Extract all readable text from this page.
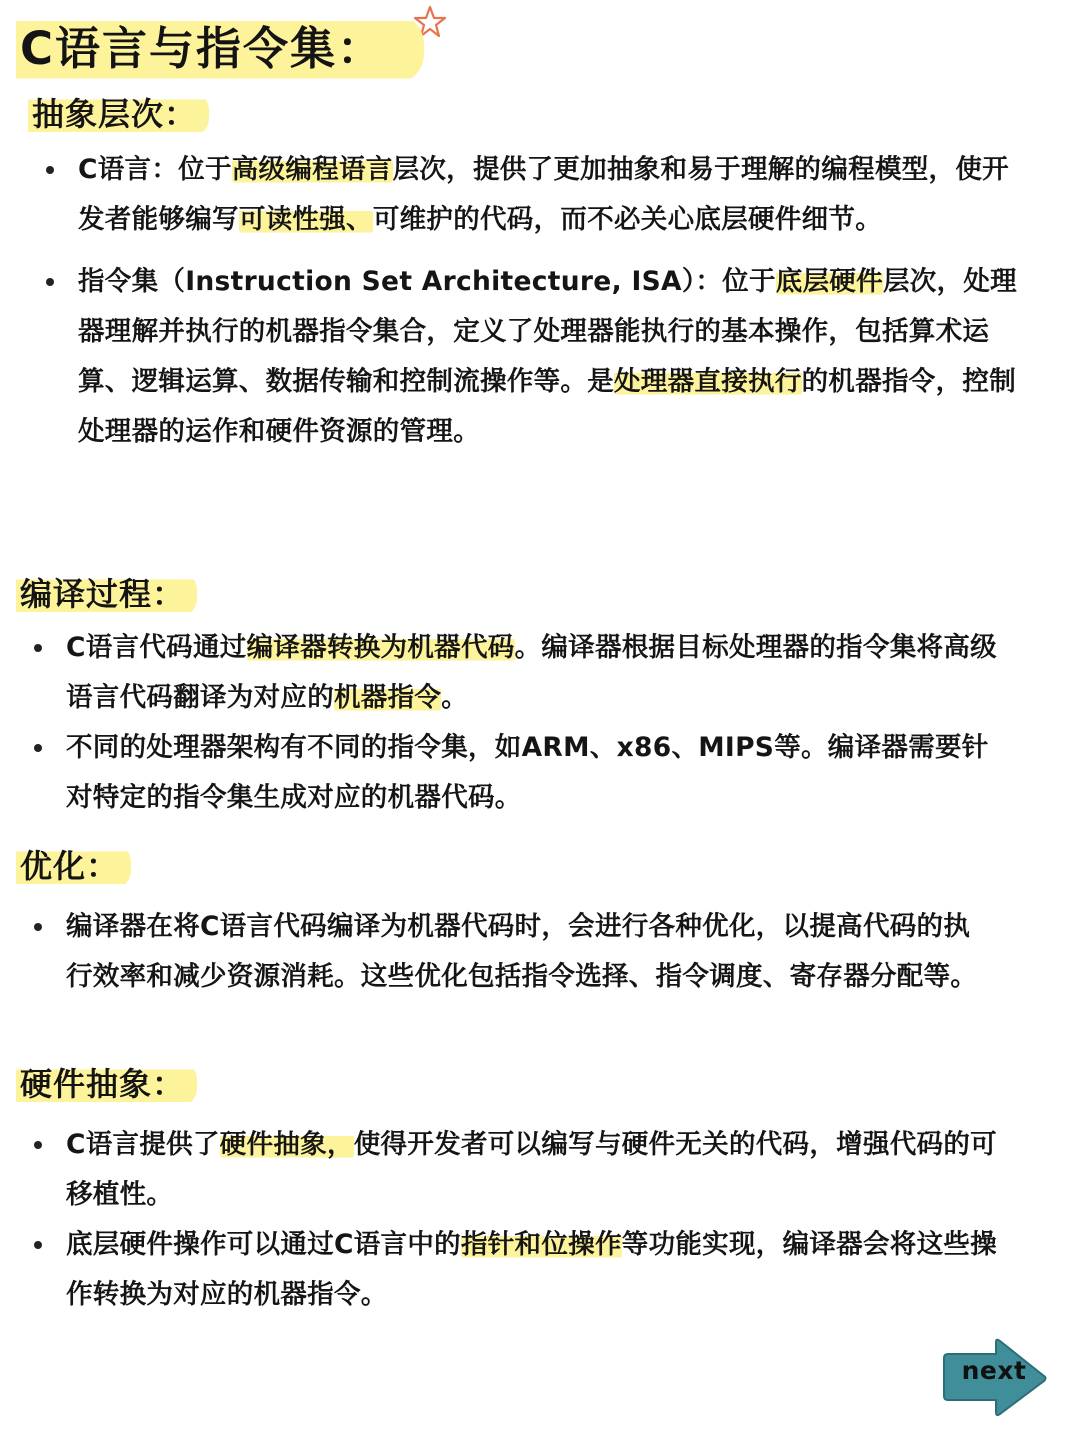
C语言与指令集：
抽象层次：
C语言：位于高级编程语言层次，提供了更加抽象和易于理解的编程模型，使开发者能够编写可读性强、可维护的代码，而不必关心底层硬件细节。
指令集（Instruction Set Architecture, ISA）：位于底层硬件层次，处理器理解并执行的机器指令集合，定义了处理器能执行的基本操作，包括算术运算、逻辑运算、数据传输和控制流操作等。是处理器直接执行的机器指令，控制处理器的运作和硬件资源的管理。
编译过程：
C语言代码通过编译器转换为机器代码。编译器根据目标处理器的指令集将高级语言代码翻译为对应的机器指令。
不同的处理器架构有不同的指令集，如ARM、x86、MIPS等。编译器需要针对特定的指令集生成对应的机器代码。
优化：
编译器在将C语言代码编译为机器代码时，会进行各种优化，以提高代码的执行效率和减少资源消耗。这些优化包括指令选择、指令调度、寄存器分配等。
硬件抽象：
C语言提供了硬件抽象，使得开发者可以编写与硬件无关的代码，增强代码的可移植性。
底层硬件操作可以通过C语言中的指针和位操作等功能实现，编译器会将这些操作转换为对应的机器指令。
next
